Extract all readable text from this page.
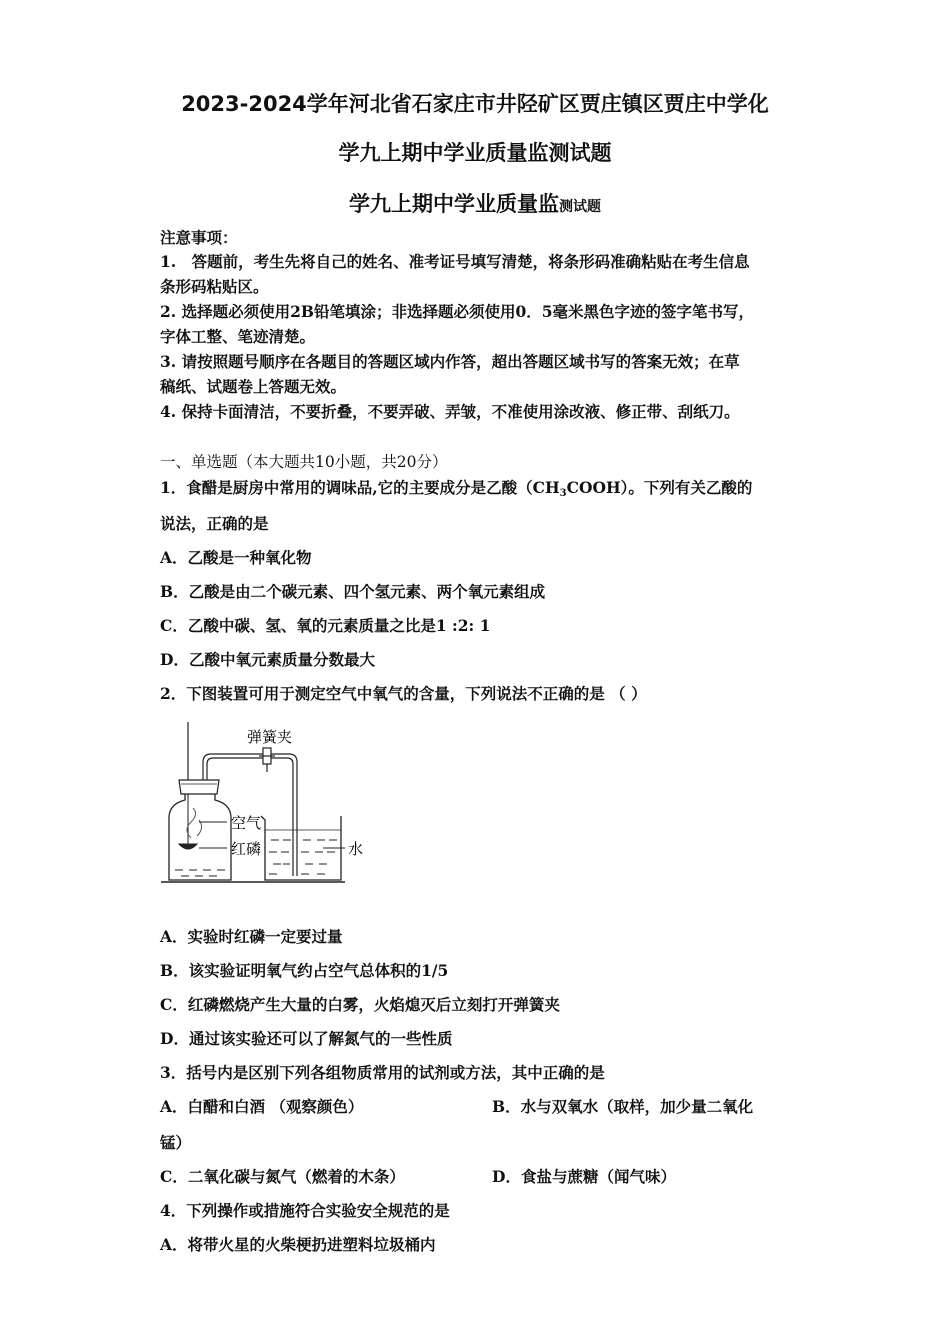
2023-2024学年河北省石家庄市井陉矿区贾庄镇区贾庄中学化
学九上期中学业质量监测试题
学九上期中学业质量监测试题
注意事项：
1.　答题前，考生先将自己的姓名、准考证号填写清楚，将条形码准确粘贴在考生信息
条形码粘贴区。
2. 选择题必须使用2B铅笔填涂；非选择题必须使用0．5毫米黑色字迹的签字笔书写，
字体工整、笔迹清楚。
3. 请按照题号顺序在各题目的答题区域内作答，超出答题区域书写的答案无效；在草
稿纸、试题卷上答题无效。
4. 保持卡面清洁，不要折叠，不要弄破、弄皱，不准使用涂改液、修正带、刮纸刀。
一、单选题（本大题共10小题，共20分）
1．食醋是厨房中常用的调味品,它的主要成分是乙酸$(CH_3COOH)$。下列有关乙酸的
说法，正确的是
A．乙酸是一种氧化物
B．乙酸是由二个碳元素、四个氢元素、两个氧元素组成
C．乙酸中碳、氢、氧的元素质量之比是1 :2: 1
D．乙酸中氧元素质量分数最大
2．下图装置可用于测定空气中氧气的含量，下列说法不正确的是 （ ）
弹簧夹
空气
红磷	水
A．实验时红磷一定要过量
B．该实验证明氧气约占空气总体积的1/5
C．红磷燃烧产生大量的白雾，火焰熄灭后立刻打开弹簧夹
D．通过该实验还可以了解氮气的一些性质
3．括号内是区别下列各组物质常用的试剂或方法，其中正确的是
A．白醋和白酒 （观察颜色）	B．水与双氧水（取样，加少量二氧化
锰）
C．二氧化碳与氮气（燃着的木条）	D．食盐与蔗糖（闻气味）
4．下列操作或措施符合实验安全规范的是
A．将带火星的火柴梗扔进塑料垃圾桶内
